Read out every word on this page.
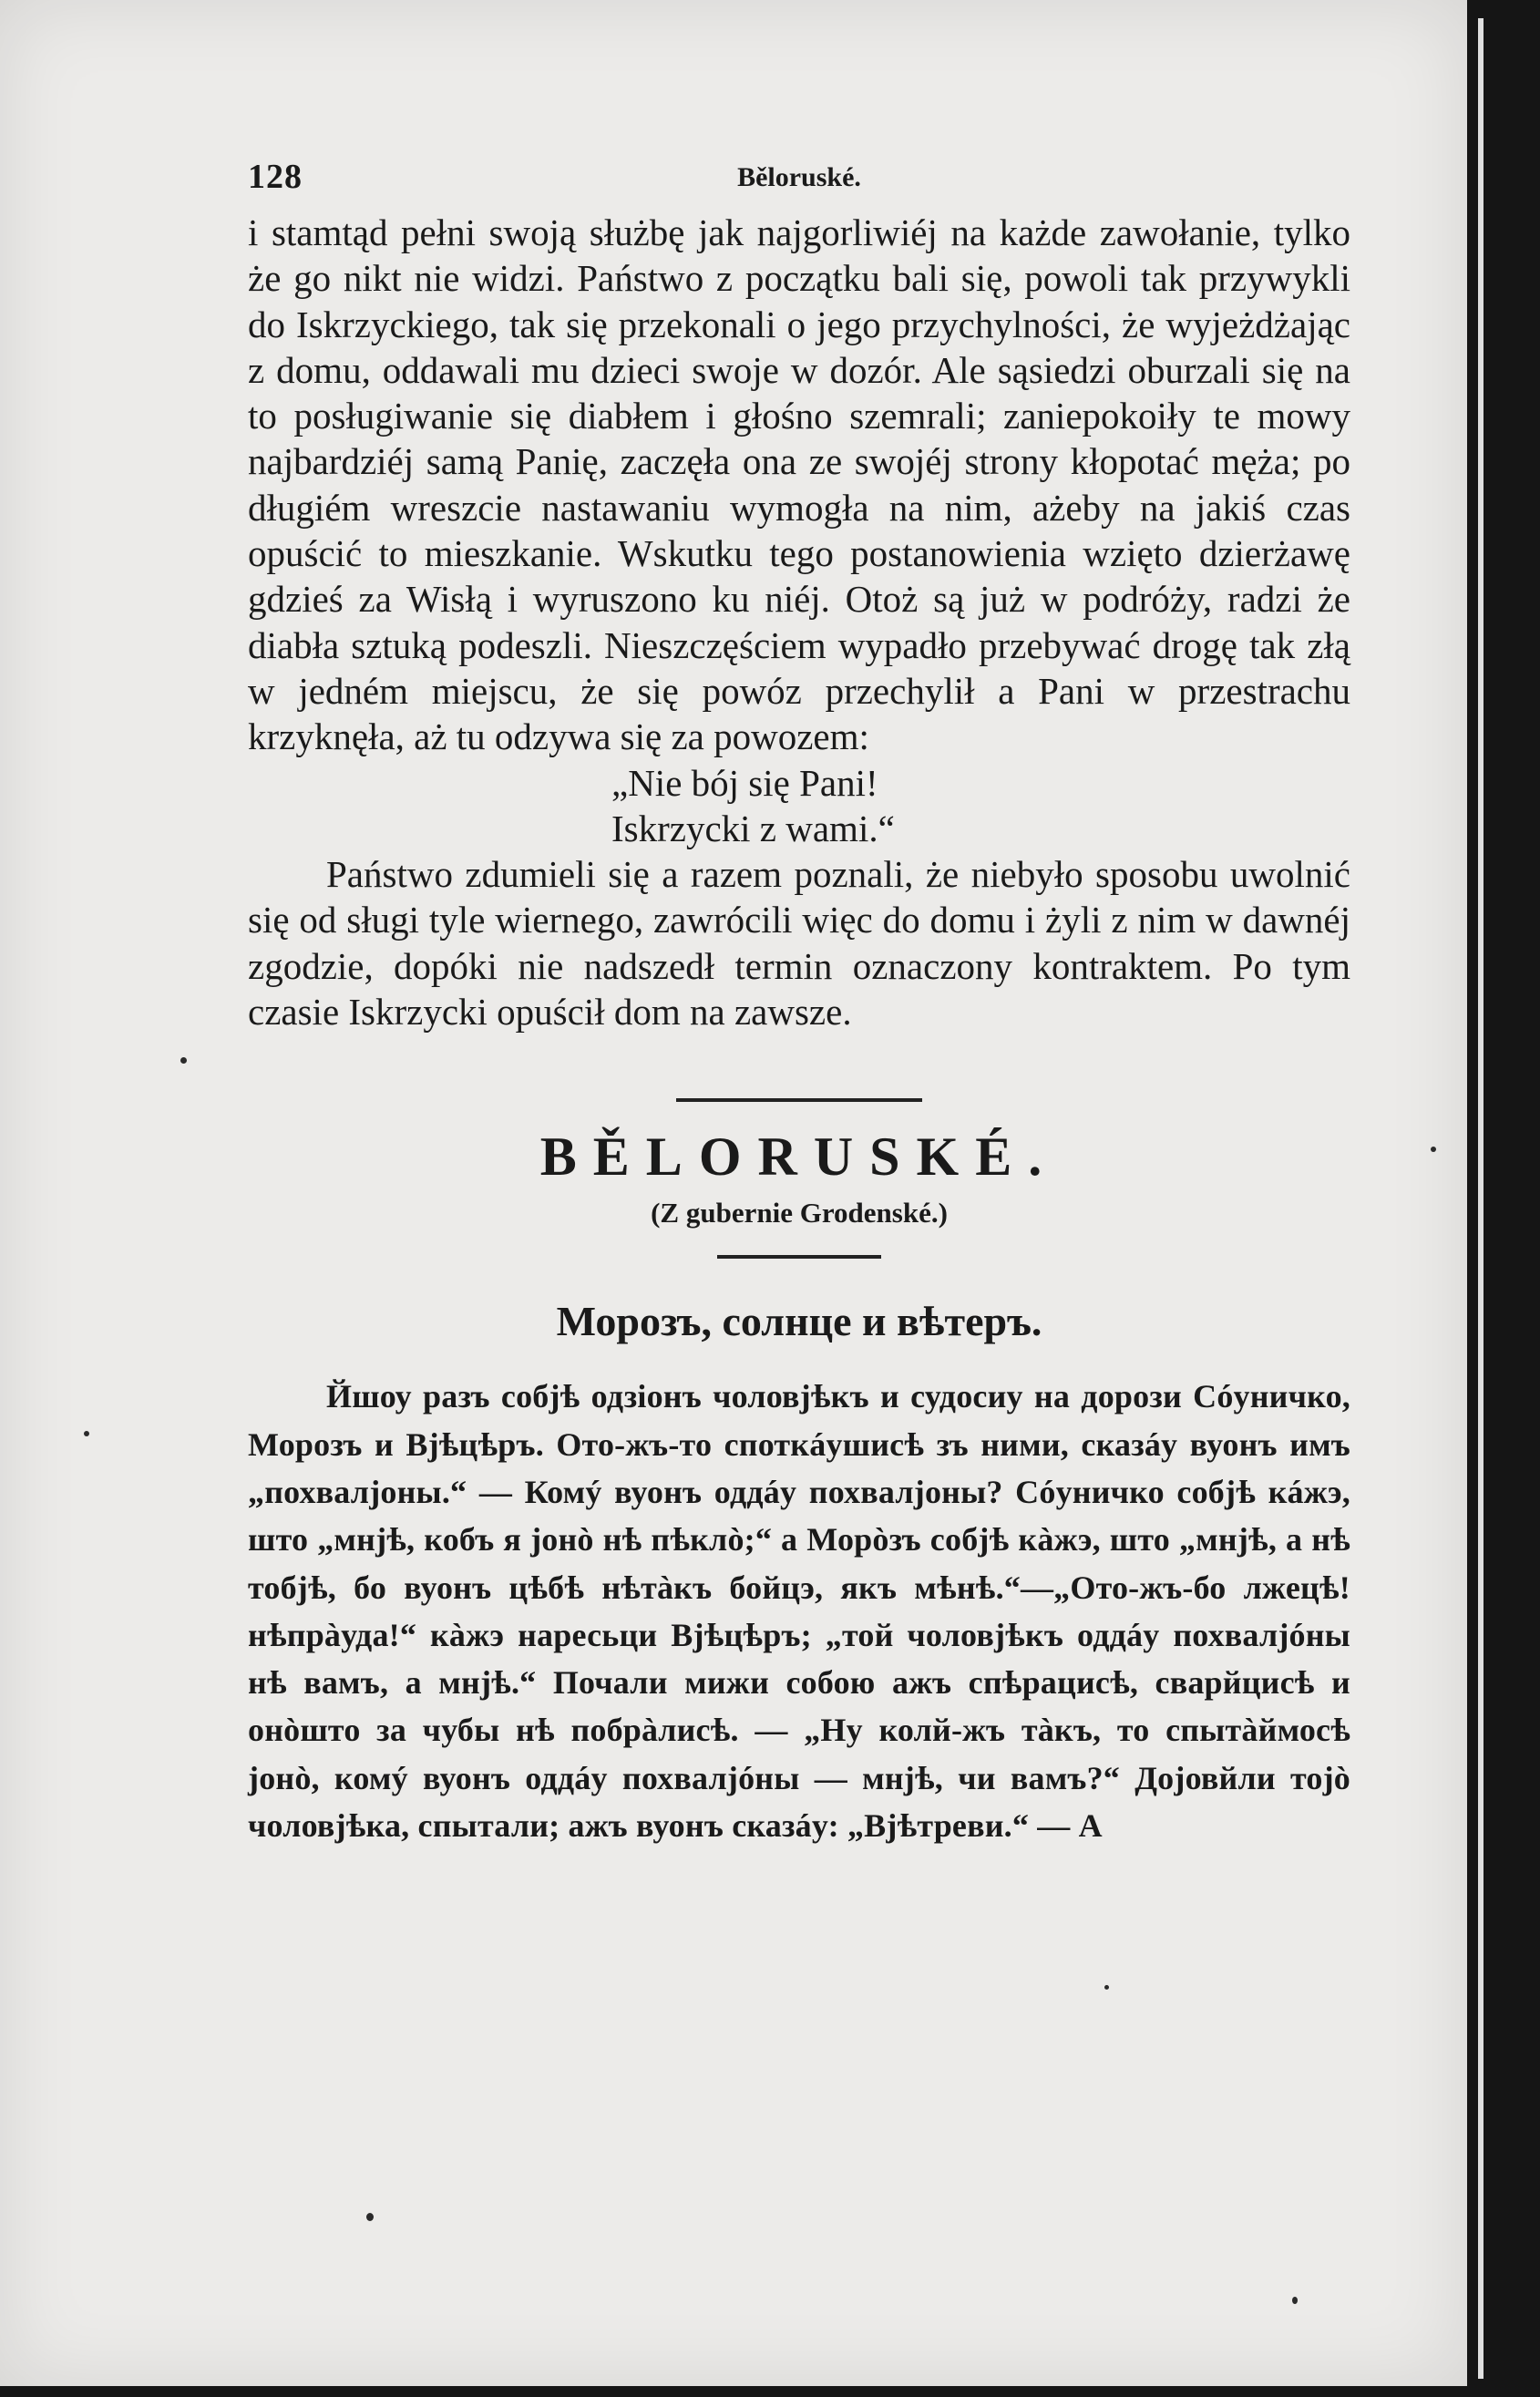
128	Běloruské.

i stamtąd pełni swoją służbę jak najgorliwiéj na każde zawołanie, tylko że go nikt nie widzi. Państwo z początku bali się, powoli tak przywykli do Iskrzyckiego, tak się przekonali o jego przychylności, że wyjeżdżając z domu, oddawali mu dzieci swoje w dozór. Ale sąsiedzi oburzali się na to posługiwanie się diabłem i głośno szemrali; zaniepokoiły te mowy najbardziéj samą Panię, zaczęła ona ze swojéj strony kłopotać męża; po długiém wreszcie nastawaniu wymogła na nim, ażeby na jakiś czas opuścić to mieszkanie. Wskutku tego postanowienia wzięto dzierżawę gdzieś za Wisłą i wyruszono ku niéj. Otoż są już w podróży, radzi że diabła sztuką podeszli. Nieszczęściem wypadło przebywać drogę tak złą w jedném miejscu, że się powóz przechylił a Pani w przestrachu krzyknęła, aż tu odzywa się za powozem:

„Nie bój się Pani!
Iskrzycki z wami.“

Państwo zdumieli się a razem poznali, że niebyło sposobu uwolnić się od sługi tyle wiernego, zawrócili więc do domu i żyli z nim w dawnéj zgodzie, dopóki nie nadszedł termin oznaczony kontraktem. Po tym czasie Iskrzycki opuścił dom na zawsze.

BĚLORUSKÉ.
(Z gubernie Grodenské.)
Морозъ, солнце и вѣтеръ.

Йшоу разъ собjѣ одзiонъ чоловjѣкъ и судосиу на дорози Сóуничко, Морозъ и Вjѣцѣръ. Ото-жъ-то споткáушисѣ зъ ними, сказáу вуонъ имъ „похвалjоны.“ — Комý вуонъ оддáу похвалjоны? Сóуничко собjѣ кáжэ, што „мнjѣ, кобъ я joнò нѣ пѣклò;“ а Морòзъ собjѣ кàжэ, што „мнjѣ, а нѣ тобjѣ, бо вуонъ цѣбѣ нѣтàкъ бойцэ, якъ мѣнѣ.“—„Ото-жъ-бо лжецѣ! нѣпрàуда!“ кàжэ наресьци Вjѣцѣръ; „той чоловjѣкъ оддáу похвалjóны нѣ вамъ, а мнjѣ.“ Почали мижи собою ажъ спѣрацисѣ, сварйцисѣ и онòшто за чубы нѣ побрàлисѣ. — „Ну колй-жъ тàкъ, то спытàймосѣ joнò, комý вуонъ оддáу похвалjóны — мнjѣ, чи вамъ?“ Доjовйли тоjò чоловjѣка, спытали; ажъ вуонъ сказáу: „Вjѣтреви.“ — А
